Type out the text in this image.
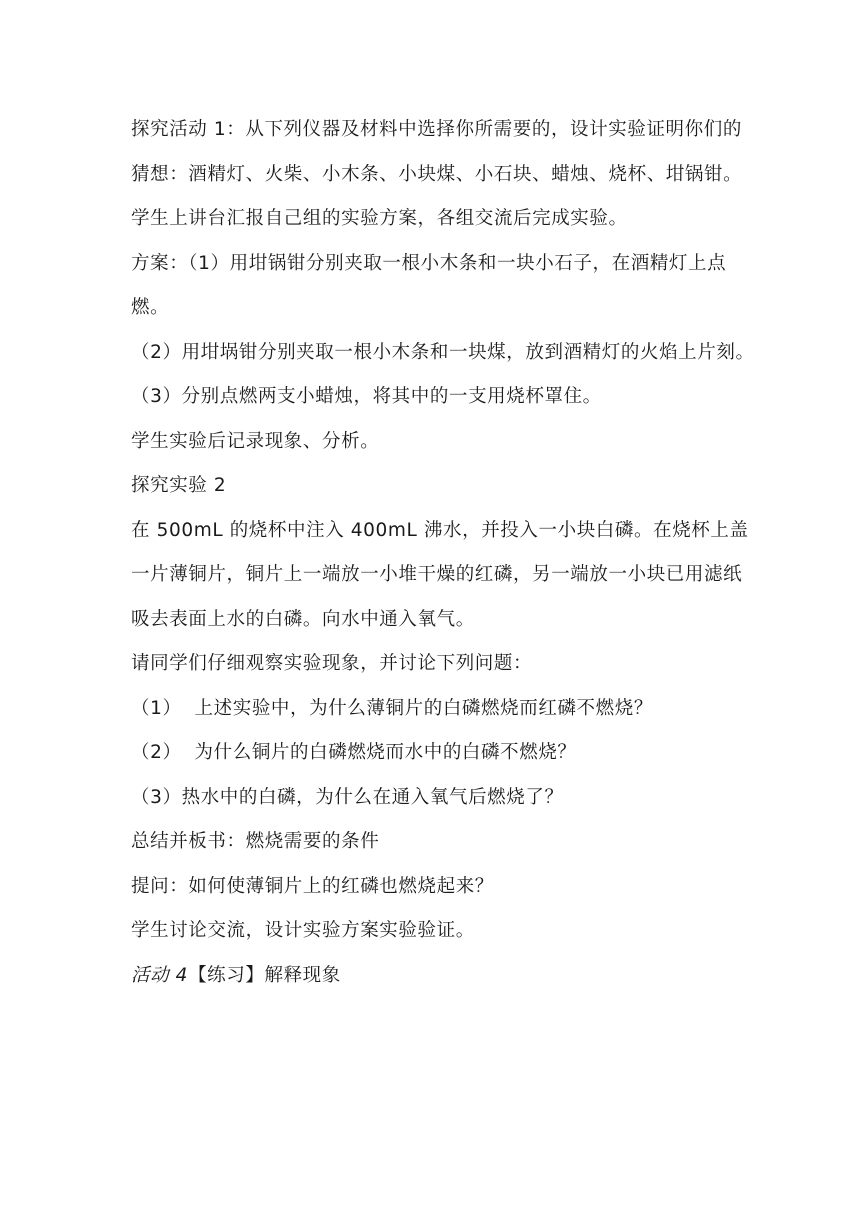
探究活动 1：从下列仪器及材料中选择你所需要的，设计实验证明你们的猜想：酒精灯、火柴、小木条、小块煤、小石块、蜡烛、烧杯、坩锅钳。

学生上讲台汇报自己组的实验方案，各组交流后完成实验。

方案：（1）用坩锅钳分别夹取一根小木条和一块小石子，在酒精灯上点燃。

（2）用坩埚钳分别夹取一根小木条和一块煤，放到酒精灯的火焰上片刻。

（3）分别点燃两支小蜡烛，将其中的一支用烧杯罩住。

学生实验后记录现象、分析。

探究实验 2

在 500mL 的烧杯中注入 400mL 沸水，并投入一小块白磷。在烧杯上盖一片薄铜片，铜片上一端放一小堆干燥的红磷，另一端放一小块已用滤纸吸去表面上水的白磷。向水中通入氧气。

请同学们仔细观察实验现象，并讨论下列问题：

（1）  上述实验中，为什么薄铜片的白磷燃烧而红磷不燃烧？

（2）  为什么铜片的白磷燃烧而水中的白磷不燃烧？

（3）热水中的白磷，为什么在通入氧气后燃烧了？

总结并板书：燃烧需要的条件

提问：如何使薄铜片上的红磷也燃烧起来？

学生讨论交流，设计实验方案实验验证。

活动 4【练习】解释现象
